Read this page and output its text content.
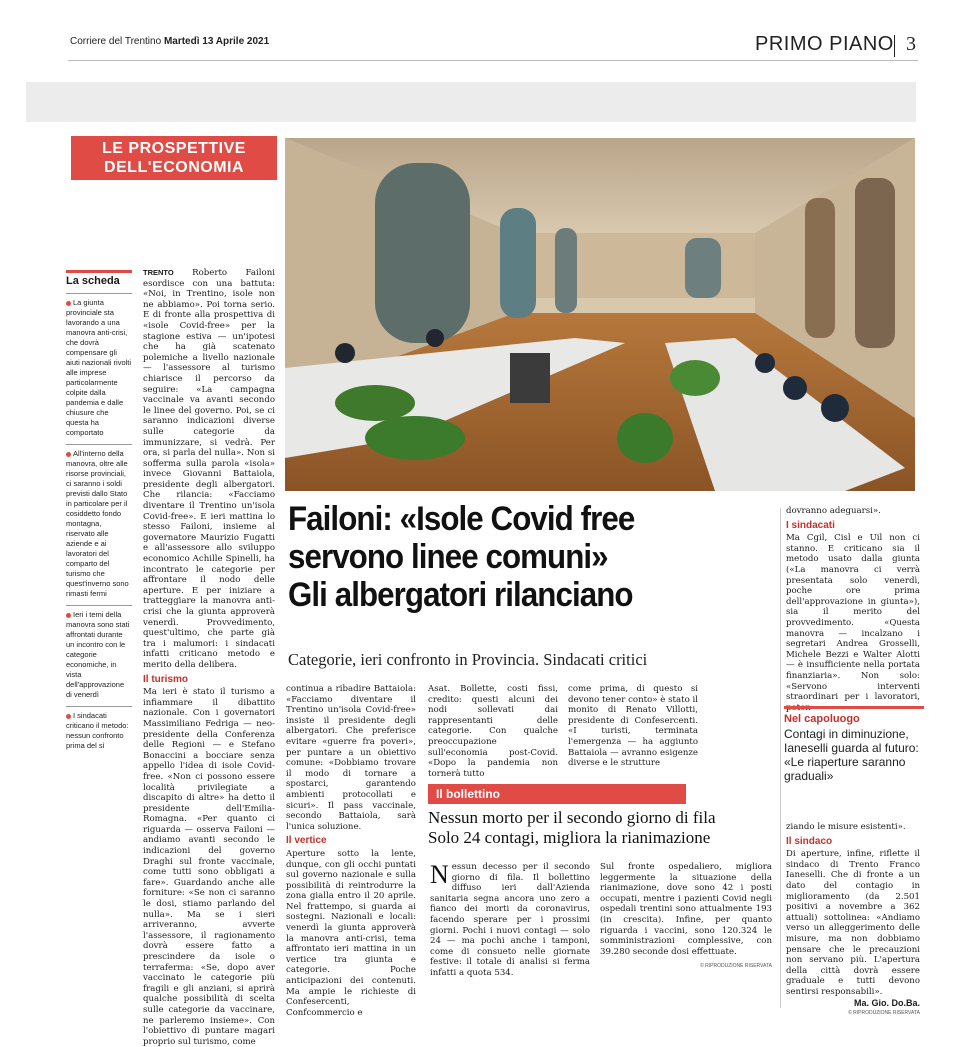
Corriere del Trentino Martedì 13 Aprile 2021	PRIMO PIANO 3
LE PROSPETTIVE
DELL'ECONOMIA
La scheda
La giunta provinciale sta lavorando a una manovra anti-crisi, che dovrà compensare gli aiuti nazionali rivolti alle imprese particolarmente colpite dalla pandemia e dalle chiusure che questa ha comportato
All'interno della manovra, oltre alle risorse provinciali, ci saranno i soldi previsti dallo Stato in particolare per il cosiddetto fondo montagna, riservato alle aziende e ai lavoratori del comparto del turismo che quest'inverno sono rimasti fermi
Ieri i temi della manovra sono stati affrontati durante un incontro con le categorie economiche, in vista dell'approvazione di venerdì
I sindacati criticano il metodo: nessun confronto prima del sì

TRENTO Roberto Failoni esordisce con una battuta: «Noi, in Trentino, isole non ne abbiamo». Poi torna serio. E di fronte alla prospettiva di «isole Covid-free» per la stagione estiva — un'ipotesi che ha già scatenato polemiche a livello nazionale — l'assessore al turismo chiarisce il percorso da seguire: «La campagna vaccinale va avanti secondo le linee del governo. Poi, se ci saranno indicazioni diverse sulle categorie da immunizzare, si vedrà. Per ora, si parla del nulla». Non si sofferma sulla parola «isola» invece Giovanni Battaiola, presidente degli albergatori. Che rilancia: «Facciamo diventare il Trentino un'isola Covid-free». E ieri mattina lo stesso Failoni, insieme al governatore Maurizio Fugatti e all'assessore allo sviluppo economico Achille Spinelli, ha incontrato le categorie per affrontare il nodo delle aperture. E per iniziare a tratteggiare la manovra anti-crisi che la giunta approverà venerdì. Provvedimento, quest'ultimo, che parte già tra i malumori: i sindacati infatti criticano metodo e merito della delibera.

Il turismo

Ma ieri è stato il turismo a infiammare il dibattito nazionale. Con i governatori Massimiliano Fedriga — neo-presidente della Conferenza delle Regioni — e Stefano Bonaccini a bocciare senza appello l'idea di isole Covid-free. «Non ci possono essere località privilegiate a discapito di altre» ha detto il presidente dell'Emilia-Romagna. «Per quanto ci riguarda — osserva Failoni — andiamo avanti secondo le indicazioni del governo Draghi sul fronte vaccinale, come tutti sono obbligati a fare». Guardando anche alle forniture: «Se non ci saranno le dosi, stiamo parlando del nulla». Ma se i sieri arriveranno, avverte l'assessore, il ragionamento dovrà essere fatto a prescindere da isole o terraferma: «Se, dopo aver vaccinato le categorie più fragili e gli anziani, si aprirà qualche possibilità di scelta sulle categorie da vaccinare, ne parleremo insieme». Con l'obiettivo di puntare magari proprio sul turismo, come

Failoni: «Isole Covid free
servono linee comuni»
Gli albergatori rilanciano
Categorie, ieri confronto in Provincia. Sindacati critici

continua a ribadire Battaiola: «Facciamo diventare il Trentino un'isola Covid-free» insiste il presidente degli albergatori. Che preferisce evitare «guerre fra poveri», per puntare a un obiettivo comune: «Dobbiamo trovare il modo di tornare a spostarci, garantendo ambienti protocollati e sicuri». Il pass vaccinale, secondo Battaiola, sarà l'unica soluzione.

Il vertice

Aperture sotto la lente, dunque, con gli occhi puntati sul governo nazionale e sulla possibilità di reintrodurre la zona gialla entro il 20 aprile. Nel frattempo, si guarda ai sostegni. Nazionali e locali: venerdì la giunta approverà la manovra anti-crisi, tema affrontato ieri mattina in un vertice tra giunta e categorie. Poche anticipazioni dei contenuti. Ma ampie le richieste di Confesercenti, Confcommercio e

Asat. Bollette, costi fissi, credito: questi alcuni dei nodi sollevati dai rappresentanti delle categorie. Con qualche preoccupazione sull'economia post-Covid. «Dopo la pandemia non tornerà tutto

come prima, di questo si devono tener conto» è stato il monito di Renato Villotti, presidente di Confesercenti. «I turisti, terminata l'emergenza — ha aggiunto Battaiola — avranno esigenze diverse e le strutture

Il bollettino
Nessun morto per il secondo giorno di fila
Solo 24 contagi, migliora la rianimazione
N essun decesso per il secondo giorno di fila. Il bollettino diffuso ieri dall'Azienda sanitaria segna ancora uno zero a fianco dei morti da coronavirus, facendo sperare per i prossimi giorni. Pochi i nuovi contagi — solo 24 — ma pochi anche i tamponi, come di consueto nelle giornate festive: il totale di analisi si ferma infatti a quota 534.

Sul fronte ospedaliero, migliora leggermente la situazione della rianimazione, dove sono 42 i posti occupati, mentre i pazienti Covid negli ospedali trentini sono attualmente 193 (in crescita). Infine, per quanto riguarda i vaccini, sono 120.324 le somministrazioni complessive, con 39.280 seconde dosi effettuate.

© RIPRODUZIONE RISERVATA

dovranno adeguarsi».

I sindacati

Ma Cgil, Cisl e Uil non ci stanno. E criticano sia il metodo usato dalla giunta («La manovra ci verrà presentata solo venerdì, poche ore prima dell'approvazione in giunta»), sia il merito del provvedimento. «Questa manovra — incalzano i segretari Andrea Grosselli, Michele Bezzi e Walter Alotti — è insufficiente nella portata finanziaria». Non solo: «Servono interventi straordinari per i lavoratori, poten-

Nel capoluogo
Contagi in diminuzione, Ianeselli guarda al futuro: «Le riaperture saranno graduali»

ziando le misure esistenti».

Il sindaco

Di aperture, infine, riflette il sindaco di Trento Franco Ianeselli. Che di fronte a un dato del contagio in miglioramento (da 2.501 positivi a novembre a 362 attuali) sottolinea: «Andiamo verso un alleggerimento delle misure, ma non dobbiamo pensare che le precauzioni non servano più. L'apertura della città dovrà essere graduale e tutti devono sentirsi responsabili».

Ma. Gio. Do.Ba.
© RIPRODUZIONE RISERVATA
